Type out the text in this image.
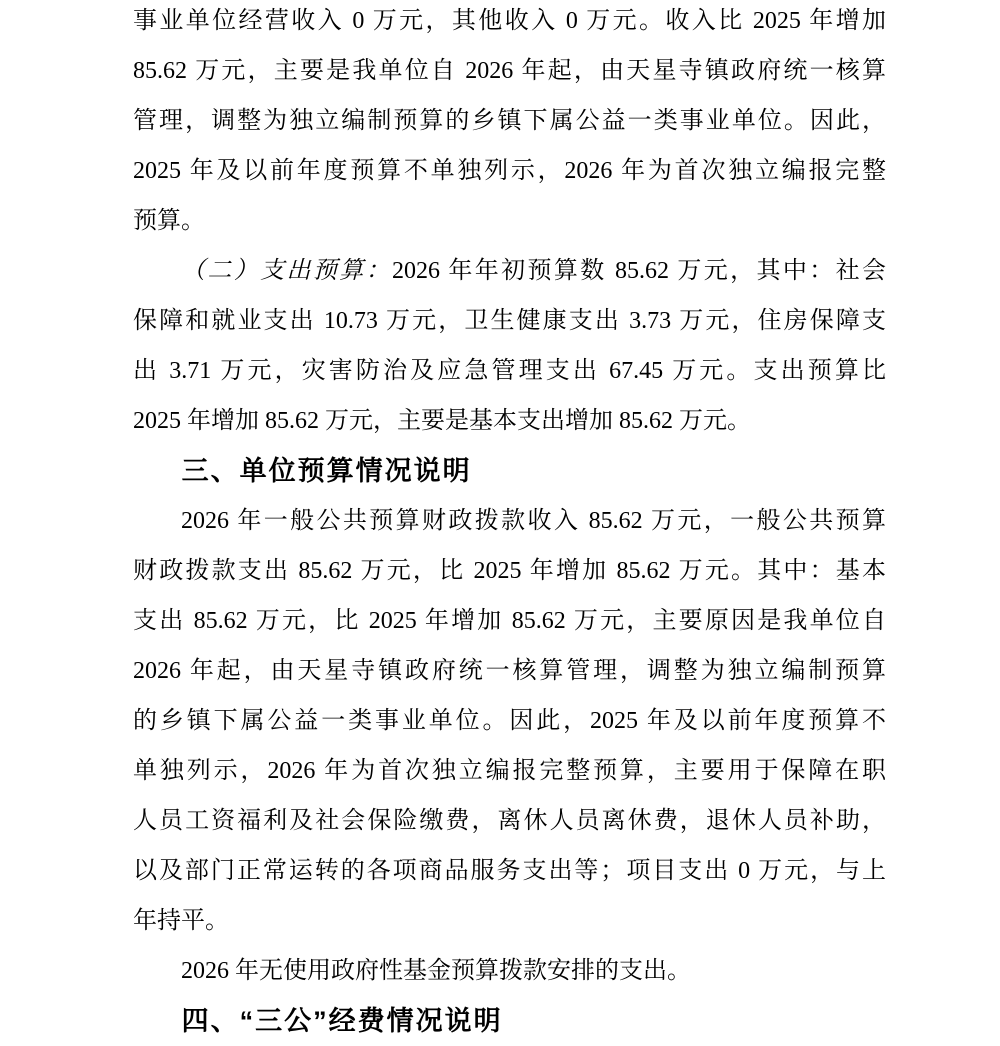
事业单位经营收入 0 万元，其他收入 0 万元。收入比 2025 年增加
85.62 万元，主要是我单位自 2026 年起，由天星寺镇政府统一核算
管理，调整为独立编制预算的乡镇下属公益一类事业单位。因此，
2025 年及以前年度预算不单独列示，2026 年为首次独立编报完整
预算。
（二）支出预算：2026 年年初预算数 85.62 万元，其中：社会
保障和就业支出 10.73 万元，卫生健康支出 3.73 万元，住房保障支
出 3.71 万元，灾害防治及应急管理支出 67.45 万元。支出预算比
2025 年增加 85.62 万元，主要是基本支出增加 85.62 万元。
三、单位预算情况说明
2026 年一般公共预算财政拨款收入 85.62 万元，一般公共预算
财政拨款支出 85.62 万元，比 2025 年增加 85.62 万元。其中：基本
支出 85.62 万元，比 2025 年增加 85.62 万元，主要原因是我单位自
2026 年起，由天星寺镇政府统一核算管理，调整为独立编制预算
的乡镇下属公益一类事业单位。因此，2025 年及以前年度预算不
单独列示，2026 年为首次独立编报完整预算，主要用于保障在职
人员工资福利及社会保险缴费，离休人员离休费，退休人员补助，
以及部门正常运转的各项商品服务支出等；项目支出 0 万元，与上
年持平。
2026 年无使用政府性基金预算拨款安排的支出。
四、“三公”经费情况说明
